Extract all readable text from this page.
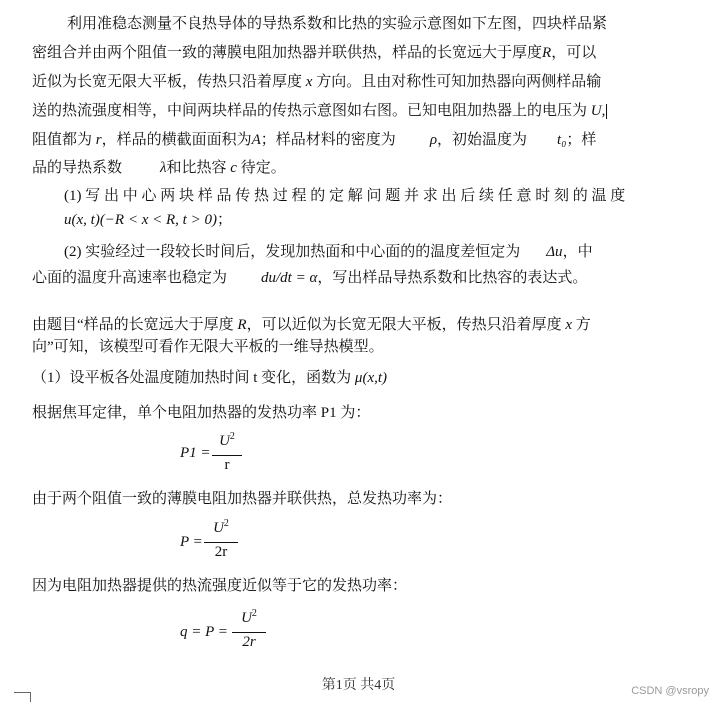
利用准稳态测量不良热导体的导热系数和比热的实验示意图如下左图，四块样品紧
密组合并由两个阻值一致的薄膜电阻加热器并联供热，样品的长宽远大于厚度R，可以
近似为长宽无限大平板，传热只沿着厚度 x 方向。且由对称性可知加热器向两侧样品输
送的热流强度相等，中间两块样品的传热示意图如右图。已知电阻加热器上的电压为 U,
阻值都为 r，样品的横截面面积为A；样品材料的密度为 ρ，初始温度为 t₀；样
品的导热系数	λ和比热容 c 待定。
(1) 写 出 中 心 两 块 样 品 传 热 过 程 的 定 解 问 题 并 求 出 后 续 任 意 时 刻 的 温 度
u(x, t)(−R < x < R, t > 0)；
(2) 实验经过一段较长时间后，发现加热面和中心面的的温度差恒定为 Δu，中
心面的温度升高速率也稳定为 du/dt = α，写出样品导热系数和比热容的表达式。
由题目“样品的长宽远大于厚度 R，可以近似为长宽无限大平板，传热只沿着厚度 x 方
向”可知，该模型可看作无限大平板的一维导热模型。
（1）设平板各处温度随加热时间 t 变化，函数为 μ(x,t)
根据焦耳定律，单个电阻加热器的发热功率 P1 为：
P1 =
$U^2$
r
由于两个阻值一致的薄膜电阻加热器并联供热，总发热功率为：
P =
$U^2$
2r
因为电阻加热器提供的热流强度近似等于它的发热功率：
q = P =
$U^2$
2r
第1页 共4页	CSDN @vsropy
